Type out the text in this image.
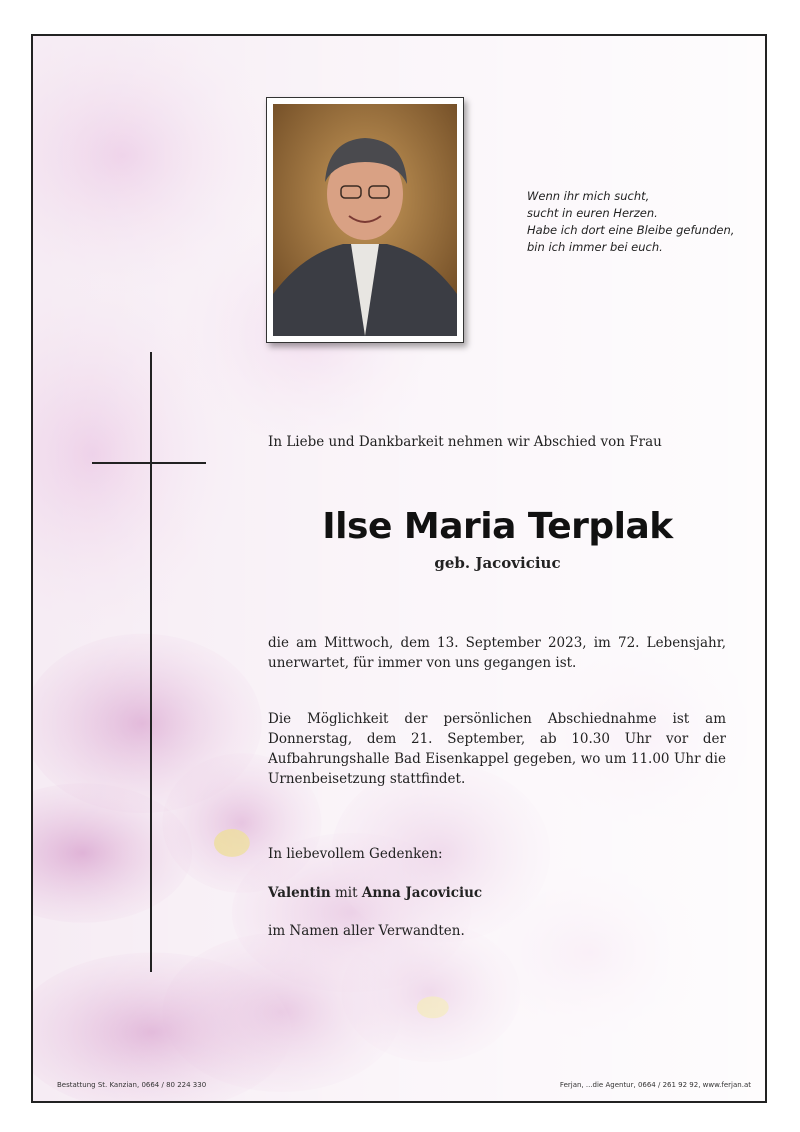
Wenn ihr mich sucht,
sucht in euren Herzen.
Habe ich dort eine Bleibe gefunden,
bin ich immer bei euch.
In Liebe und Dankbarkeit nehmen wir Abschied von Frau
Ilse Maria Terplak
geb. Jacoviciuc
die am Mittwoch, dem 13. September 2023, im 72. Lebensjahr,
unerwartet, für immer von uns gegangen ist.
Die Möglichkeit der persönlichen Abschiednahme ist am
Donnerstag, dem 21. September, ab 10.30 Uhr vor der
Aufbahrungshalle Bad Eisenkappel gegeben, wo um 11.00 Uhr die
Urnenbeisetzung stattfindet.
In liebevollem Gedenken:
Valentin mit Anna Jacoviciuc
im Namen aller Verwandten.
Bestattung St. Kanzian, 0664 / 80 224 330	Ferjan, ...die Agentur, 0664 / 261 92 92, www.ferjan.at
